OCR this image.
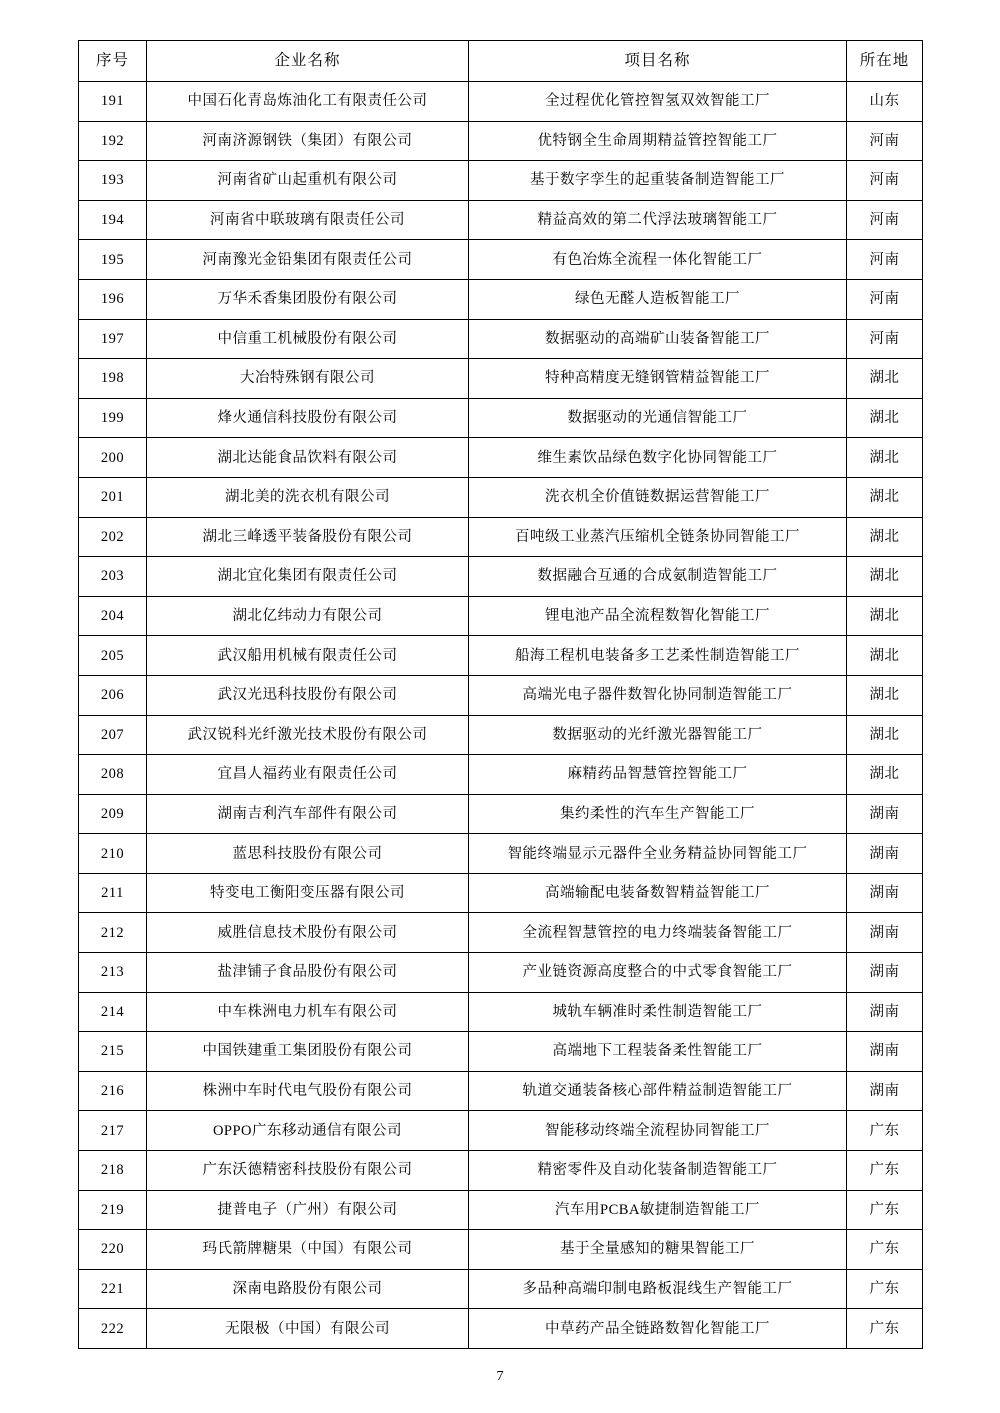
序号	企业名称	项目名称	所在地
191	中国石化青岛炼油化工有限责任公司	全过程优化管控智氢双效智能工厂	山东
192	河南济源钢铁（集团）有限公司	优特钢全生命周期精益管控智能工厂	河南
193	河南省矿山起重机有限公司	基于数字孪生的起重装备制造智能工厂	河南
194	河南省中联玻璃有限责任公司	精益高效的第二代浮法玻璃智能工厂	河南
195	河南豫光金铅集团有限责任公司	有色冶炼全流程一体化智能工厂	河南
196	万华禾香集团股份有限公司	绿色无醛人造板智能工厂	河南
197	中信重工机械股份有限公司	数据驱动的高端矿山装备智能工厂	河南
198	大冶特殊钢有限公司	特种高精度无缝钢管精益智能工厂	湖北
199	烽火通信科技股份有限公司	数据驱动的光通信智能工厂	湖北
200	湖北达能食品饮料有限公司	维生素饮品绿色数字化协同智能工厂	湖北
201	湖北美的洗衣机有限公司	洗衣机全价值链数据运营智能工厂	湖北
202	湖北三峰透平装备股份有限公司	百吨级工业蒸汽压缩机全链条协同智能工厂	湖北
203	湖北宜化集团有限责任公司	数据融合互通的合成氨制造智能工厂	湖北
204	湖北亿纬动力有限公司	锂电池产品全流程数智化智能工厂	湖北
205	武汉船用机械有限责任公司	船海工程机电装备多工艺柔性制造智能工厂	湖北
206	武汉光迅科技股份有限公司	高端光电子器件数智化协同制造智能工厂	湖北
207	武汉锐科光纤激光技术股份有限公司	数据驱动的光纤激光器智能工厂	湖北
208	宜昌人福药业有限责任公司	麻精药品智慧管控智能工厂	湖北
209	湖南吉利汽车部件有限公司	集约柔性的汽车生产智能工厂	湖南
210	蓝思科技股份有限公司	智能终端显示元器件全业务精益协同智能工厂	湖南
211	特变电工衡阳变压器有限公司	高端输配电装备数智精益智能工厂	湖南
212	威胜信息技术股份有限公司	全流程智慧管控的电力终端装备智能工厂	湖南
213	盐津铺子食品股份有限公司	产业链资源高度整合的中式零食智能工厂	湖南
214	中车株洲电力机车有限公司	城轨车辆准时柔性制造智能工厂	湖南
215	中国铁建重工集团股份有限公司	高端地下工程装备柔性智能工厂	湖南
216	株洲中车时代电气股份有限公司	轨道交通装备核心部件精益制造智能工厂	湖南
217	OPPO广东移动通信有限公司	智能移动终端全流程协同智能工厂	广东
218	广东沃德精密科技股份有限公司	精密零件及自动化装备制造智能工厂	广东
219	捷普电子（广州）有限公司	汽车用PCBA敏捷制造智能工厂	广东
220	玛氏箭牌糖果（中国）有限公司	基于全量感知的糖果智能工厂	广东
221	深南电路股份有限公司	多品种高端印制电路板混线生产智能工厂	广东
222	无限极（中国）有限公司	中草药产品全链路数智化智能工厂	广东
7
